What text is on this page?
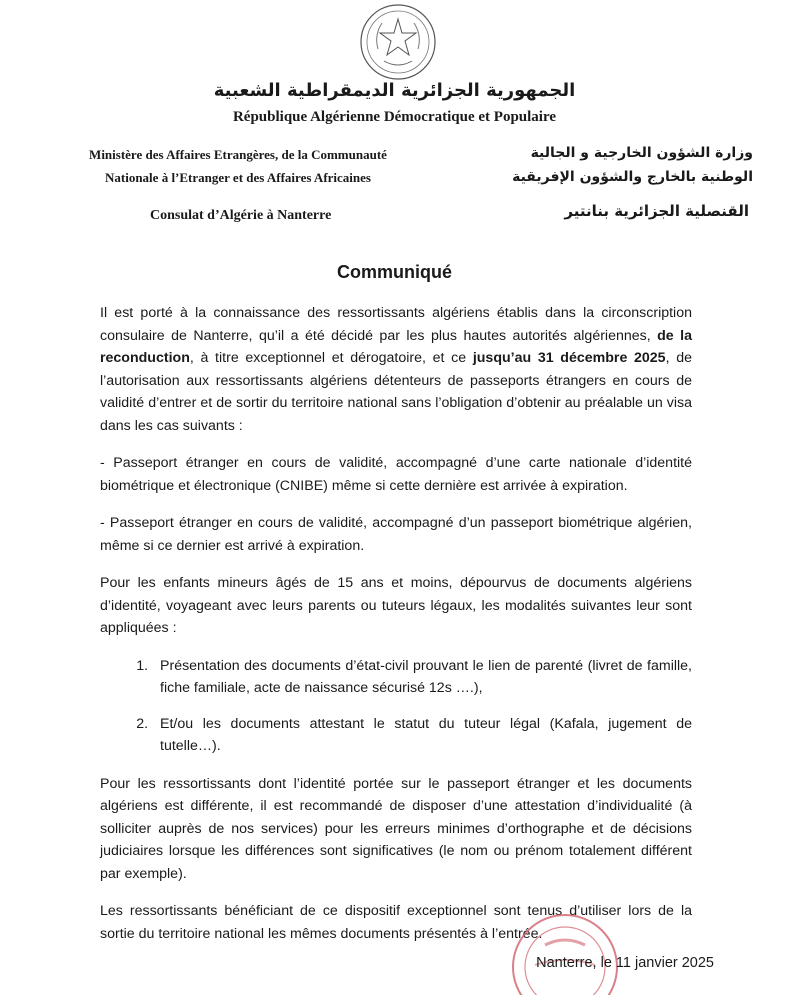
الجمهورية الجزائرية الديمقراطية الشعبية
République Algérienne Démocratique et Populaire
Ministère des Affaires Etrangères, de la Communauté
Nationale à l’Etranger et des Affaires Africaines
وزارة الشؤون الخارجية و الجالية
الوطنية بالخارج والشؤون الإفريقية
Consulat d’Algérie à Nanterre	القنصلية الجزائرية بنانتير
Communiqué

Il est porté à la connaissance des ressortissants algériens établis dans la circonscription consulaire de Nanterre, qu’il a été décidé par les plus hautes autorités algériennes, de la reconduction, à titre exceptionnel et dérogatoire, et ce jusqu’au 31 décembre 2025, de l’autorisation aux ressortissants algériens détenteurs de passeports étrangers en cours de validité d’entrer et de sortir du territoire national sans l’obligation d’obtenir au préalable un visa dans les cas suivants :

- Passeport étranger en cours de validité, accompagné d’une carte nationale d’identité biométrique et électronique (CNIBE) même si cette dernière est arrivée à expiration.

- Passeport étranger en cours de validité, accompagné d’un passeport biométrique algérien, même si ce dernier est arrivé à expiration.

Pour les enfants mineurs âgés de 15 ans et moins, dépourvus de documents algériens d’identité, voyageant avec leurs parents ou tuteurs légaux, les modalités suivantes leur sont appliquées :

1. Présentation des documents d’état-civil prouvant le lien de parenté (livret de famille, fiche familiale, acte de naissance sécurisé 12s ….),
2. Et/ou les documents attestant le statut du tuteur légal (Kafala, jugement de tutelle…).

Pour les ressortissants dont l’identité portée sur le passeport étranger et les documents algériens est différente, il est recommandé de disposer d’une attestation d’individualité (à solliciter auprès de nos services) pour les erreurs minimes d’orthographe et de décisions judiciaires lorsque les différences sont significatives (le nom ou prénom totalement différent par exemple).

Les ressortissants bénéficiant de ce dispositif exceptionnel sont tenus d’utiliser lors de la sortie du territoire national les mêmes documents présentés à l’entrée.

Nanterre, le 11 janvier 2025
